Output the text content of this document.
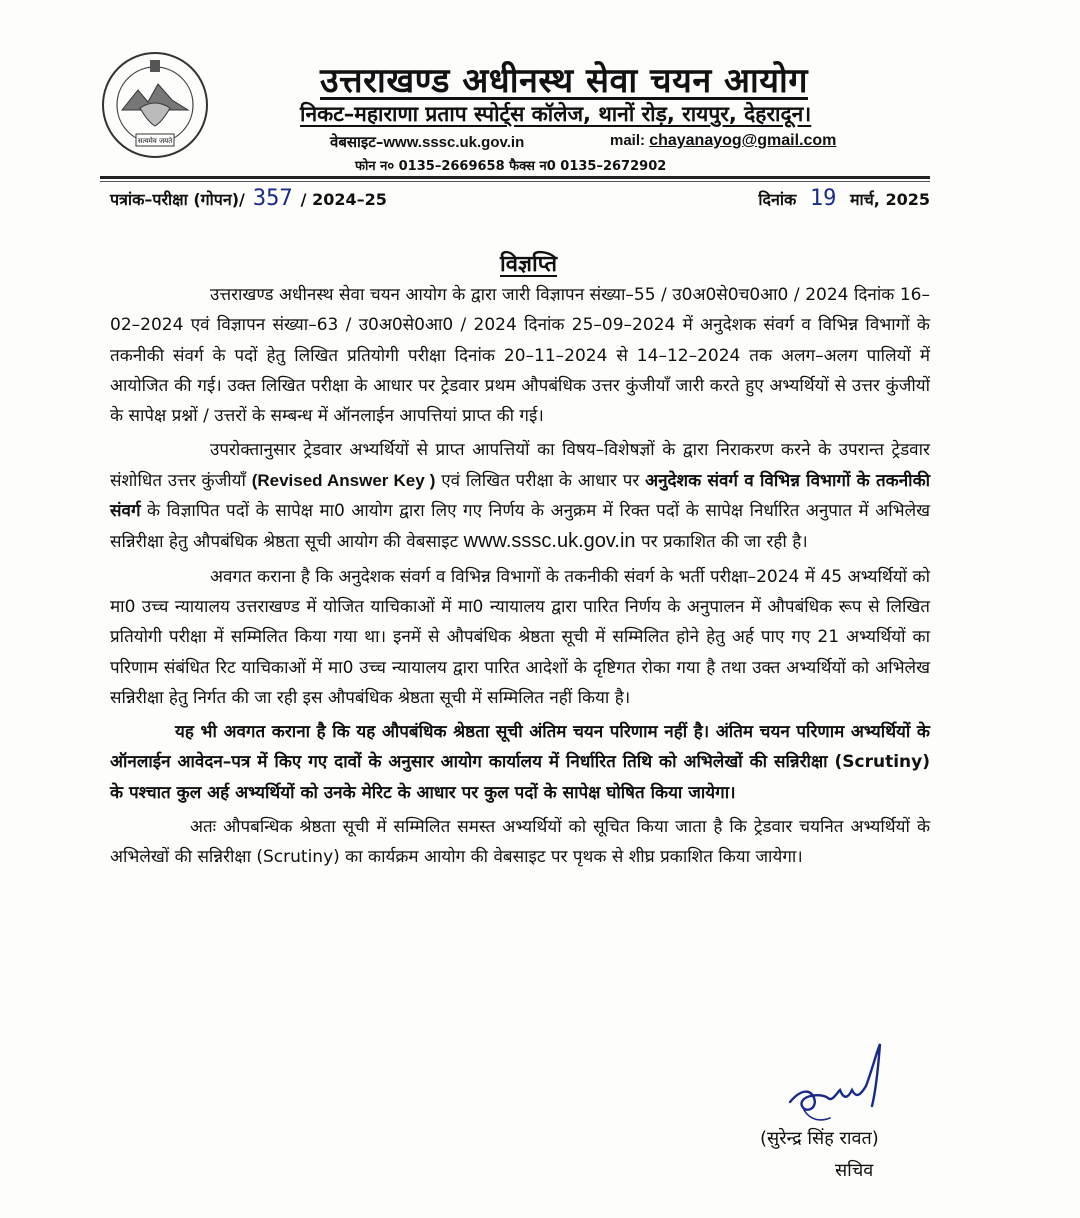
सत्यमेव जयते
उत्तराखण्ड अधीनस्थ सेवा चयन आयोग
निकट–महाराणा प्रताप स्पोर्ट्स कॉलेज, थानों रोड़, रायपुर, देहरादून।
वेबसाइट–www.sssc.uk.gov.in	mail: chayanayog@gmail.com
फोन न० 0135–2669658 फैक्स न0 0135–2672902
पत्रांक–परीक्षा (गोपन)/ 357 / 2024–25	दिनांक 19 मार्च, 2025
विज्ञप्ति

उत्तराखण्ड अधीनस्थ सेवा चयन आयोग के द्वारा जारी विज्ञापन संख्या–55 / उ0अ0से0च0आ0 / 2024 दिनांक 16–02–2024 एवं विज्ञापन संख्या–63 / उ0अ0से0आ0 / 2024 दिनांक 25–09–2024 में अनुदेशक संवर्ग व विभिन्न विभागों के तकनीकी संवर्ग के पदों हेतु लिखित प्रतियोगी परीक्षा दिनांक 20–11–2024 से 14–12–2024 तक अलग–अलग पालियों में आयोजित की गई। उक्त लिखित परीक्षा के आधार पर ट्रेडवार प्रथम औपबंधिक उत्तर कुंजीयाँ जारी करते हुए अभ्यर्थियों से उत्तर कुंजीयों के सापेक्ष प्रश्नों / उत्तरों के सम्बन्ध में ऑनलाईन आपत्तियां प्राप्त की गई।

उपरोक्तानुसार ट्रेडवार अभ्यर्थियों से प्राप्त आपत्तियों का विषय–विशेषज्ञों के द्वारा निराकरण करने के उपरान्त ट्रेडवार संशोधित उत्तर कुंजीयाँ (Revised Answer Key ) एवं लिखित परीक्षा के आधार पर अनुदेशक संवर्ग व विभिन्न विभागों के तकनीकी संवर्ग के विज्ञापित पदों के सापेक्ष मा0 आयोग द्वारा लिए गए निर्णय के अनुक्रम में रिक्त पदों के सापेक्ष निर्धारित अनुपात में अभिलेख सन्निरीक्षा हेतु औपबंधिक श्रेष्ठता सूची आयोग की वेबसाइट www.sssc.uk.gov.in पर प्रकाशित की जा रही है।

अवगत कराना है कि अनुदेशक संवर्ग व विभिन्न विभागों के तकनीकी संवर्ग के भर्ती परीक्षा–2024 में 45 अभ्यर्थियों को मा0 उच्च न्यायालय उत्तराखण्ड में योजित याचिकाओं में मा0 न्यायालय द्वारा पारित निर्णय के अनुपालन में औपबंधिक रूप से लिखित प्रतियोगी परीक्षा में सम्मिलित किया गया था। इनमें से औपबंधिक श्रेष्ठता सूची में सम्मिलित होने हेतु अर्ह पाए गए 21 अभ्यर्थियों का परिणाम संबंधित रिट याचिकाओं में मा0 उच्च न्यायालय द्वारा पारित आदेशों के दृष्टिगत रोका गया है तथा उक्त अभ्यर्थियों को अभिलेख सन्निरीक्षा हेतु निर्गत की जा रही इस औपबंधिक श्रेष्ठता सूची में सम्मिलित नहीं किया है।

यह भी अवगत कराना है कि यह औपबंधिक श्रेष्ठता सूची अंतिम चयन परिणाम नहीं है। अंतिम चयन परिणाम अभ्यर्थियों के ऑनलाईन आवेदन–पत्र में किए गए दावों के अनुसार आयोग कार्यालय में निर्धारित तिथि को अभिलेखों की सन्निरीक्षा (Scrutiny) के पश्चात कुल अर्ह अभ्यर्थियों को उनके मेरिट के आधार पर कुल पदों के सापेक्ष घोषित किया जायेगा।

अतः औपबन्धिक श्रेष्ठता सूची में सम्मिलित समस्त अभ्यर्थियों को सूचित किया जाता है कि ट्रेडवार चयनित अभ्यर्थियों के अभिलेखों की सन्निरीक्षा (Scrutiny) का कार्यक्रम आयोग की वेबसाइट पर पृथक से शीघ्र प्रकाशित किया जायेगा।

(सुरेन्द्र सिंह रावत)
सचिव
